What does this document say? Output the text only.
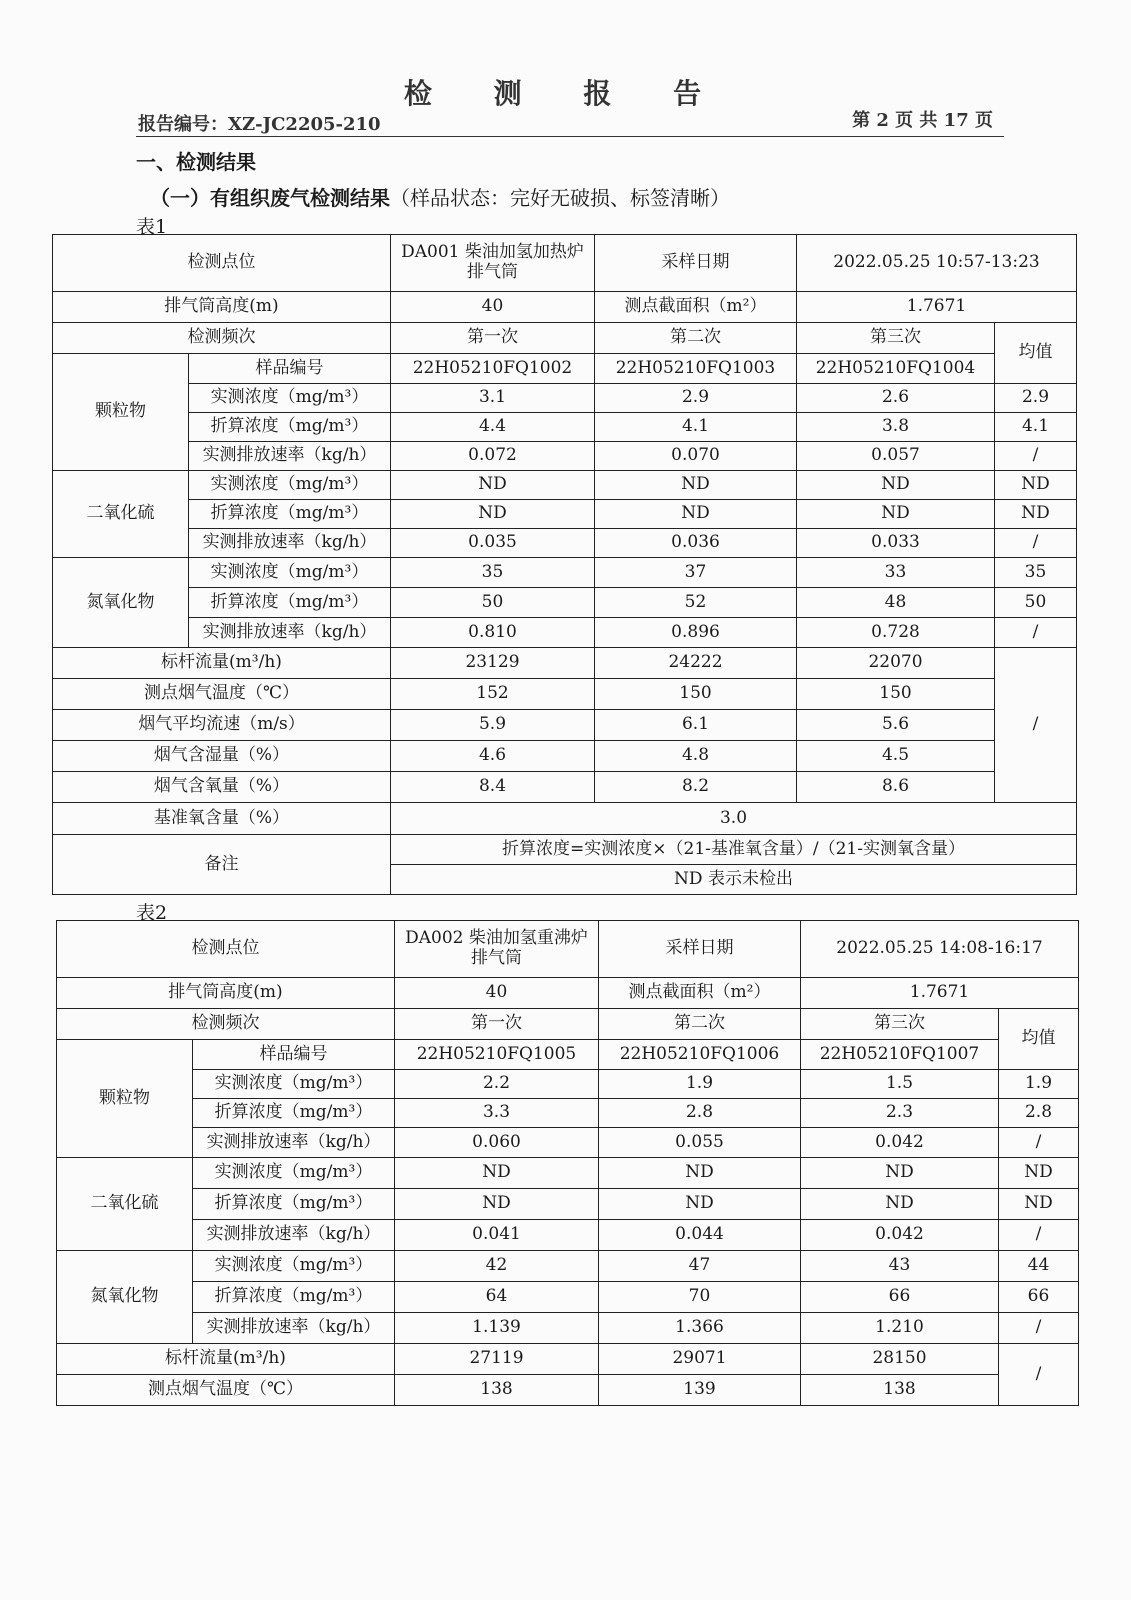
检 测 报 告
报告编号：XZ-JC2205-210	第 2 页 共 17 页
一、检测结果
（一）有组织废气检测结果（样品状态：完好无破损、标签清晰）
表1
检测点位		DA001 柴油加氢加热炉排气筒	采样日期	2022.05.25 10:57-13:23	
排气筒高度(m)		40	测点截面积（m²）	1.7671	
检测频次		第一次	第二次	第三次	均值
颗粒物	样品编号	22H05210FQ1002	22H05210FQ1003	22H05210FQ1004	
	实测浓度（mg/m³）	3.1	2.9	2.6	2.9
	折算浓度（mg/m³）	4.4	4.1	3.8	4.1
	实测排放速率（kg/h）	0.072	0.070	0.057	/
二氧化硫	实测浓度（mg/m³）	ND	ND	ND	ND
	折算浓度（mg/m³）	ND	ND	ND	ND
	实测排放速率（kg/h）	0.035	0.036	0.033	/
氮氧化物	实测浓度（mg/m³）	35	37	33	35
	折算浓度（mg/m³）	50	52	48	50
	实测排放速率（kg/h）	0.810	0.896	0.728	/
标杆流量(m³/h)		23129	24222	22070	/
测点烟气温度（℃）		152	150	150	
烟气平均流速（m/s）		5.9	6.1	5.6	
烟气含湿量（%）		4.6	4.8	4.5	
烟气含氧量（%）		8.4	8.2	8.6	
基准氧含量（%）		3.0			
备注		折算浓度=实测浓度×（21-基准氧含量）/（21-实测氧含量）			
		ND 表示未检出			
表2
检测点位		DA002 柴油加氢重沸炉排气筒	采样日期	2022.05.25 14:08-16:17	
排气筒高度(m)		40	测点截面积（m²）	1.7671	
检测频次		第一次	第二次	第三次	均值
颗粒物	样品编号	22H05210FQ1005	22H05210FQ1006	22H05210FQ1007	
	实测浓度（mg/m³）	2.2	1.9	1.5	1.9
	折算浓度（mg/m³）	3.3	2.8	2.3	2.8
	实测排放速率（kg/h）	0.060	0.055	0.042	/
二氧化硫	实测浓度（mg/m³）	ND	ND	ND	ND
	折算浓度（mg/m³）	ND	ND	ND	ND
	实测排放速率（kg/h）	0.041	0.044	0.042	/
氮氧化物	实测浓度（mg/m³）	42	47	43	44
	折算浓度（mg/m³）	64	70	66	66
	实测排放速率（kg/h）	1.139	1.366	1.210	/
标杆流量(m³/h)		27119	29071	28150	/
测点烟气温度（℃）		138	139	138	
